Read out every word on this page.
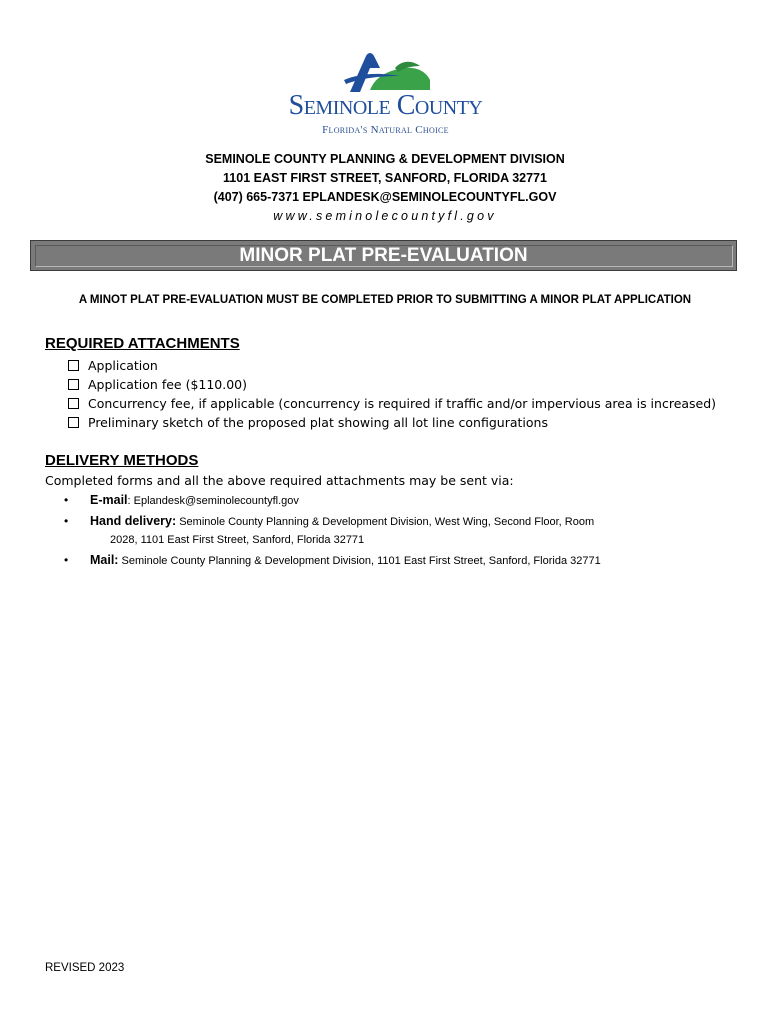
Seminole County
Florida's Natural Choice
SEMINOLE COUNTY PLANNING & DEVELOPMENT DIVISION
1101 EAST FIRST STREET, SANFORD, FLORIDA 32771
(407) 665-7371 EPLANDESK@SEMINOLECOUNTYFL.GOV
www.seminolecountyfl.gov
MINOR PLAT PRE-EVALUATION
A MINOT PLAT PRE-EVALUATION MUST BE COMPLETED PRIOR TO SUBMITTING A MINOR PLAT APPLICATION
REQUIRED ATTACHMENTS
Application
Application fee ($110.00)
Concurrency fee, if applicable (concurrency is required if traffic and/or impervious area is increased)
Preliminary sketch of the proposed plat showing all lot line configurations
DELIVERY METHODS
Completed forms and all the above required attachments may be sent via:
• E-mail: Eplandesk@seminolecountyfl.gov
• Hand delivery: Seminole County Planning & Development Division, West Wing, Second Floor, Room
2028, 1101 East First Street, Sanford, Florida 32771
• Mail: Seminole County Planning & Development Division, 1101 East First Street, Sanford, Florida 32771
REVISED 2023
